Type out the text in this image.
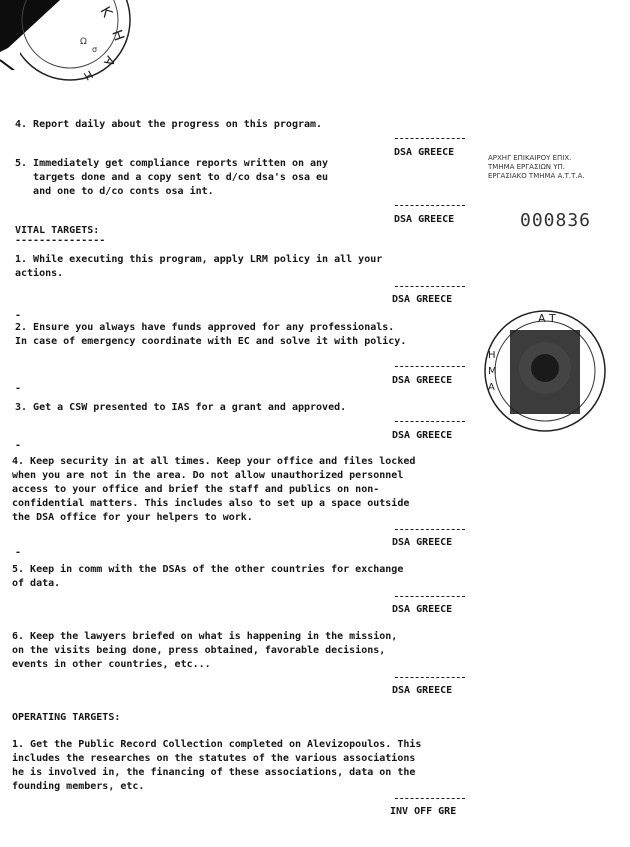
K
H
A
H
Ω
σ
4. Report daily about the progress on this program.
DSA GREECE
5. Immediately get compliance reports written on any
targets done and a copy sent to d/co dsa's osa eu
and one to d/co conts osa int.
DSA GREECE
ΑΡΧΗΓ ΕΠΙΚΑΙΡΟΥ ΕΠΙΧ.
ΤΜΗΜΑ ΕΡΓΑΣΙΩΝ ΥΠ.
ΕΡΓΑΣΙΑΚΟ ΤΜΗΜΑ Α.Τ.Τ.Α.
000836
VITAL TARGETS:
---------------
1. While executing this program, apply LRM policy in all your
actions.
DSA GREECE
-
2. Ensure you always have funds approved for any professionals.
In case of emergency coordinate with EC and solve it with policy.
DSA GREECE
Α Τ
Η
Μ
Α
-
3. Get a CSW presented to IAS for a grant and approved.
DSA GREECE
-
4. Keep security in at all times. Keep your office and files locked
when you are not in the area. Do not allow unauthorized personnel
access to your office and brief the staff and publics on non-
confidential matters. This includes also to set up a space outside
the DSA office for your helpers to work.
DSA GREECE
-
5. Keep in comm with the DSAs of the other countries for exchange
of data.
DSA GREECE
6. Keep the lawyers briefed on what is happening in the mission,
on the visits being done, press obtained, favorable decisions,
events in other countries, etc...
DSA GREECE
OPERATING TARGETS:
1. Get the Public Record Collection completed on Alevizopoulos. This
includes the researches on the statutes of the various associations
he is involved in, the financing of these associations, data on the
founding members, etc.
INV OFF GRE
